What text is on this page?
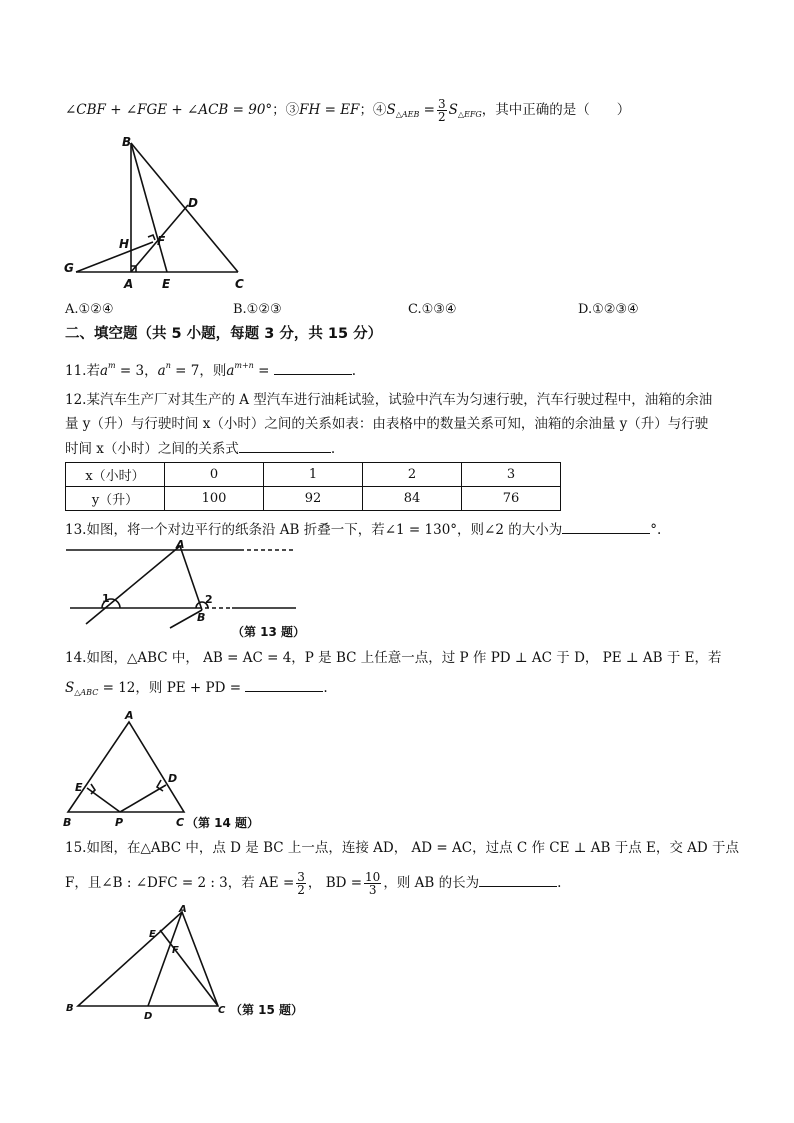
∠CBF + ∠FGE + ∠ACB = 90°；③FH = EF；$④S_{\triangle AEB} = \frac{3}{2} S_{\triangle EFG}$，其中正确的是（　　）
B
D
H F
G
A E	C
A.①②④	B.①②③	C.①③④	D.①②③④
二、填空题（共 5 小题，每题 3 分，共 15 分）
11.若$a^m = 3$，$a^n = 7$，则$a^{m+n}$ =	.
12.某汽车生产厂对其生产的 A 型汽车进行油耗试验，试验中汽车为匀速行驶，汽车行驶过程中，油箱的余油
量 y（升）与行驶时间 x（小时）之间的关系如表：由表格中的数量关系可知，油箱的余油量 y（升）与行驶
时间 x（小时）之间的关系式	.
x（小时）	0	1	2	3
y（升）	100	92	84	76
13.如图，将一个对边平行的纸条沿 AB 折叠一下，若∠1 = 130°，则∠2 的大小为	°.
A
1	2
B
（第 13 题）
14.如图，△ABC 中， AB = AC = 4，P 是 BC 上任意一点，过 P 作 PD ⊥ AC 于 D， PE ⊥ AB 于 E，若
$S_{\triangle ABC} = 12$，则 PE + PD =	.
A
E
D
B	P	C （第 14 题）
15.如图，在△ABC 中，点 D 是 BC 上一点，连接 AD， AD = AC，过点 C 作 CE ⊥ AB 于点 E，交 AD 于点
F，且∠B : ∠DFC = 2 : 3，若 AE = $\frac{3}{2}$ ， BD = $\frac{10}{3}$ ，则 AB 的长为	.
A
E
F
B
D
C （第 15 题）
